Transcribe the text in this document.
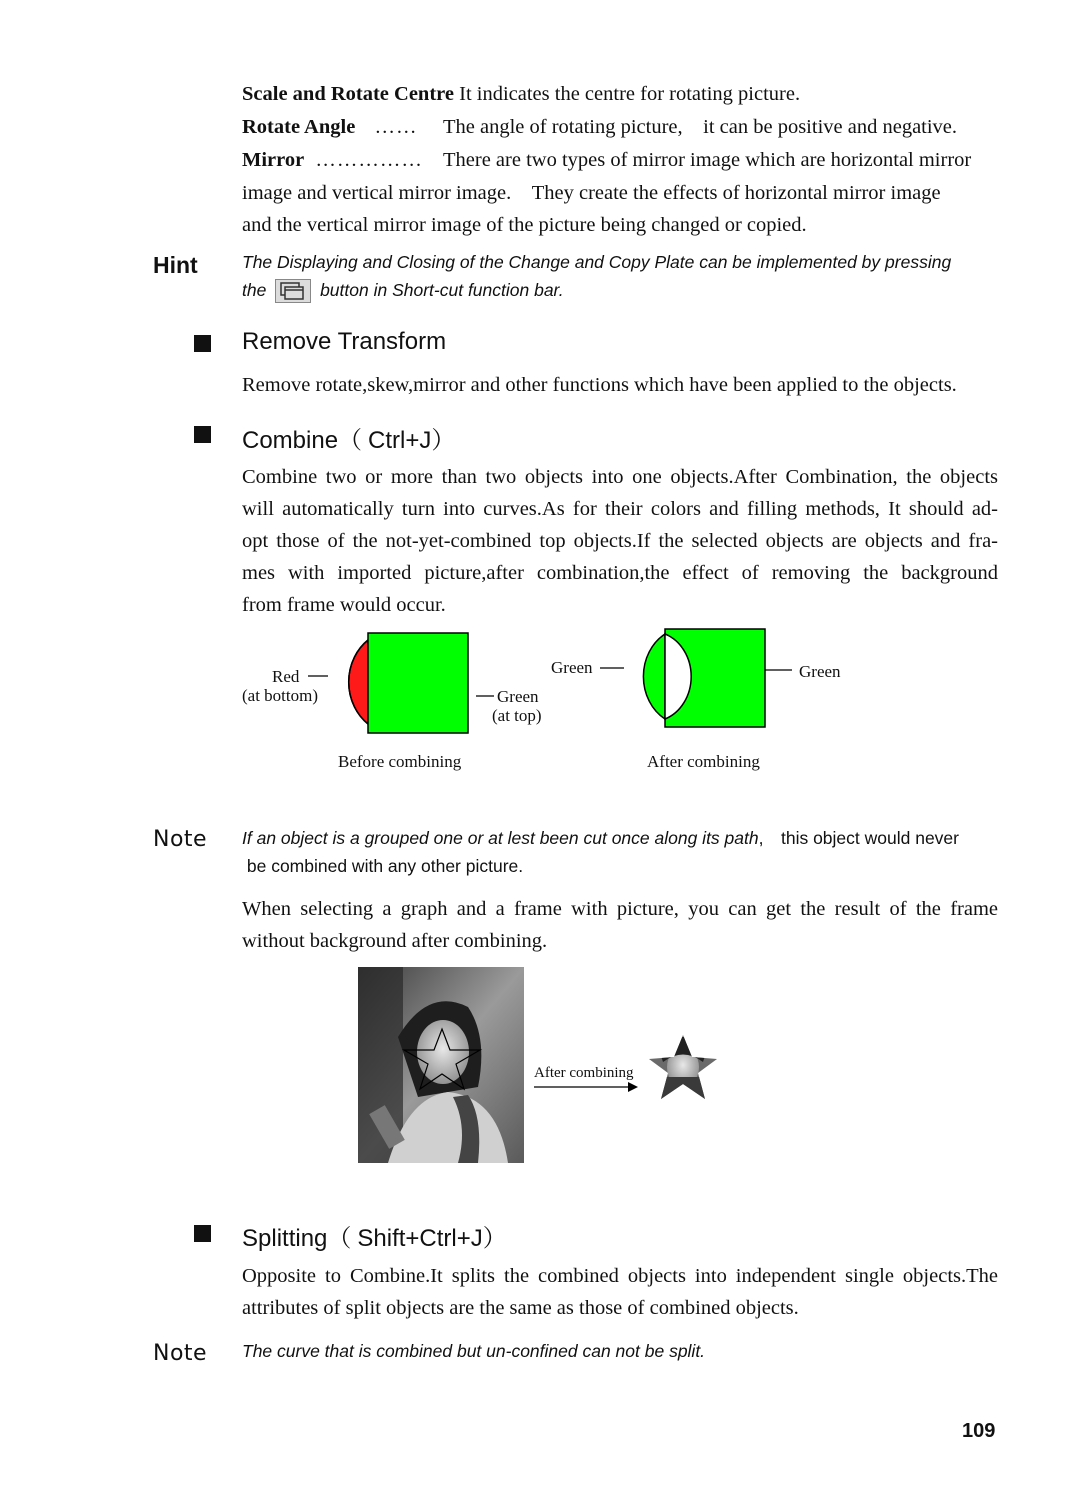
Scale and Rotate Centre It indicates the centre for rotating picture.
Rotate Angle …… The angle of rotating picture,　it can be positive and negative.
Mirror …………… There are two types of mirror image which are horizontal mirror
image and vertical mirror image.　They create the effects of horizontal mirror image
and the vertical mirror image of the picture being changed or copied.
Hint	The Displaying and Closing of the Change and Copy Plate can be implemented by pressing
the	button in Short-cut function bar.
Remove Transform
Remove rotate,skew,mirror and other functions which have been applied to the objects.
Combine（ Ctrl+J）
Combine two or more than two objects into one objects.After Combination, the objects
will automatically turn into curves.As for their colors and filling methods, It should ad-
opt those of the not-yet-combined top objects.If the selected objects are objects and fra-
mes with imported picture,after combination,the effect of removing the background
from frame would occur.
Red
(at bottom)	Green
(at top)
Before combining
Green	Green
After combining
Note If an object is a grouped one or at lest been cut once along its path,　this object would never
be combined with any other picture.
When selecting a graph and a frame with picture, you can get the result of the frame
without background after combining.
After combining
Splitting（ Shift+Ctrl+J）
Opposite to Combine.It splits the combined objects into independent single objects.The
attributes of split objects are the same as those of combined objects.
Note The curve that is combined but un-confined can not be split.
109
